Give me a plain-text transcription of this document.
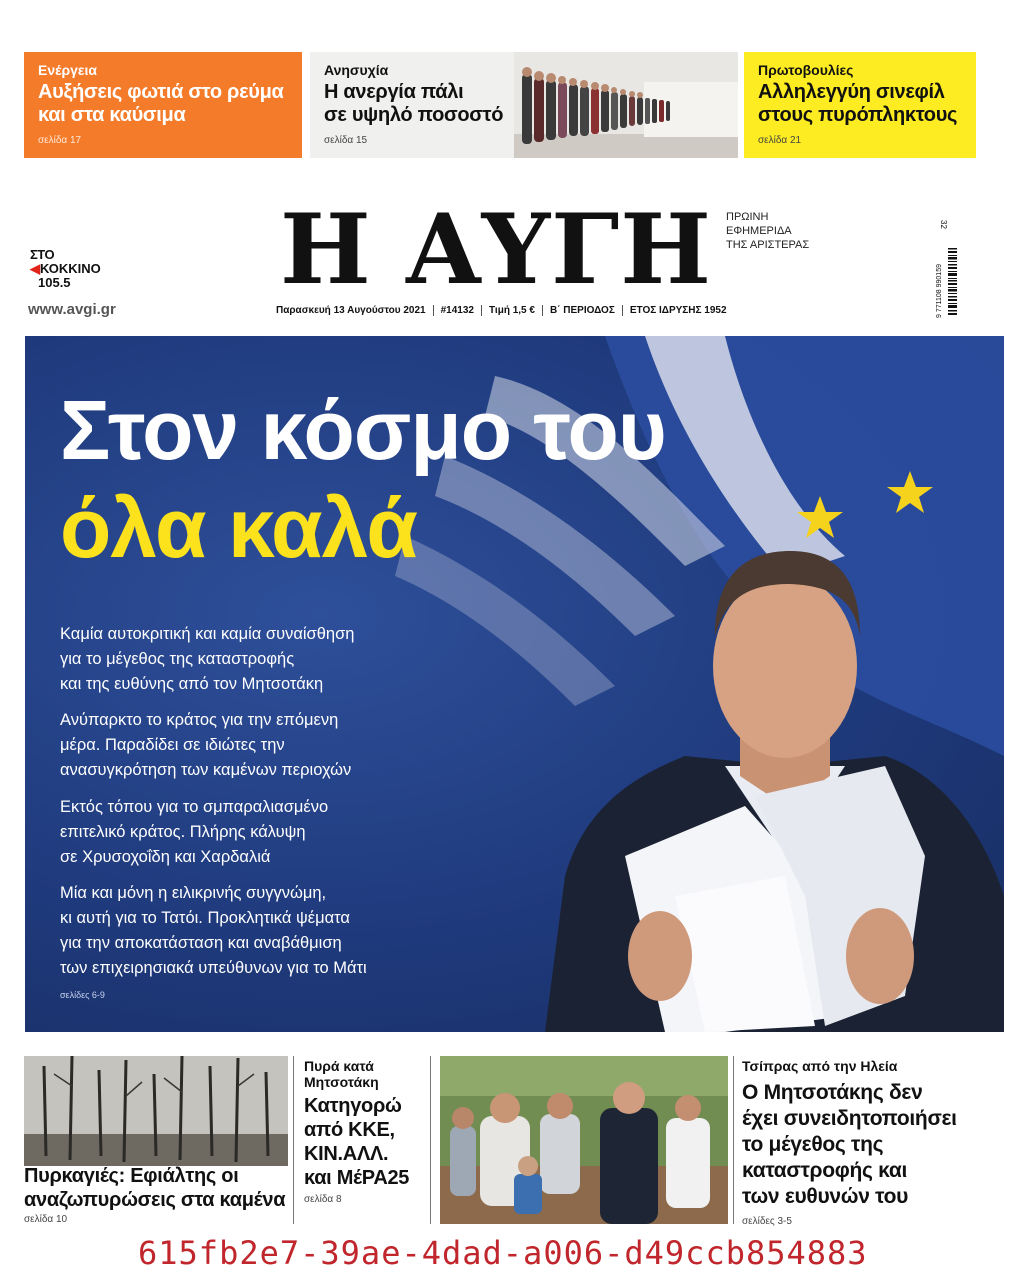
Ενέργεια
Αυξήσεις φωτιά στο ρεύμα
και στα καύσιμα
σελίδα 17
Ανησυχία
Η ανεργία πάλι
σε υψηλό ποσοστό
σελίδα 15
Πρωτοβουλίες
Αλληλεγγύη σινεφίλ
στους πυρόπληκτους
σελίδα 21
ΣΤΟ
◀ΚΟΚΚΙΝΟ
105.5
www.avgi.gr
Η ΑΥΓΗ ΠΡΩΙΝΗ
ΕΦΗΜΕΡΙΔΑ
ΤΗΣ ΑΡΙΣΤΕΡΑΣ
Παρασκευή 13 Αυγούστου 2021	#14132	Τιμή 1,5 €	Β΄ ΠΕΡΙΟΔΟΣ	ΕΤΟΣ ΙΔΡΥΣΗΣ 1952
32
9 771108 990159
Στον κόσμο του
όλα καλά
Καμία αυτοκριτική και καμία συναίσθηση
για το μέγεθος της καταστροφής
και της ευθύνης από τον Μητσοτάκη
Ανύπαρκτο το κράτος για την επόμενη
μέρα. Παραδίδει σε ιδιώτες την
ανασυγκρότηση των καμένων περιοχών
Εκτός τόπου για το σμπαραλιασμένο
επιτελικό κράτος. Πλήρης κάλυψη
σε Χρυσοχοΐδη και Χαρδαλιά
Μία και μόνη η ειλικρινής συγγνώμη,
κι αυτή για το Τατόι. Προκλητικά ψέματα
για την αποκατάσταση και αναβάθμιση
των επιχειρησιακά υπεύθυνων για το Μάτι
σελίδες 6-9
Πυρκαγιές: Εφιάλτης οι
αναζωπυρώσεις στα καμένα
σελίδα 10
Πυρά κατά
Μητσοτάκη
Κατηγορώ
από ΚΚΕ,
ΚΙΝ.ΑΛΛ.
και ΜέΡΑ25
σελίδα 8
Τσίπρας από την Ηλεία
Ο Μητσοτάκης δεν
έχει συνειδητοποιήσει
το μέγεθος της
καταστροφής και
των ευθυνών του
σελίδες 3-5
615fb2e7-39ae-4dad-a006-d49ccb854883
